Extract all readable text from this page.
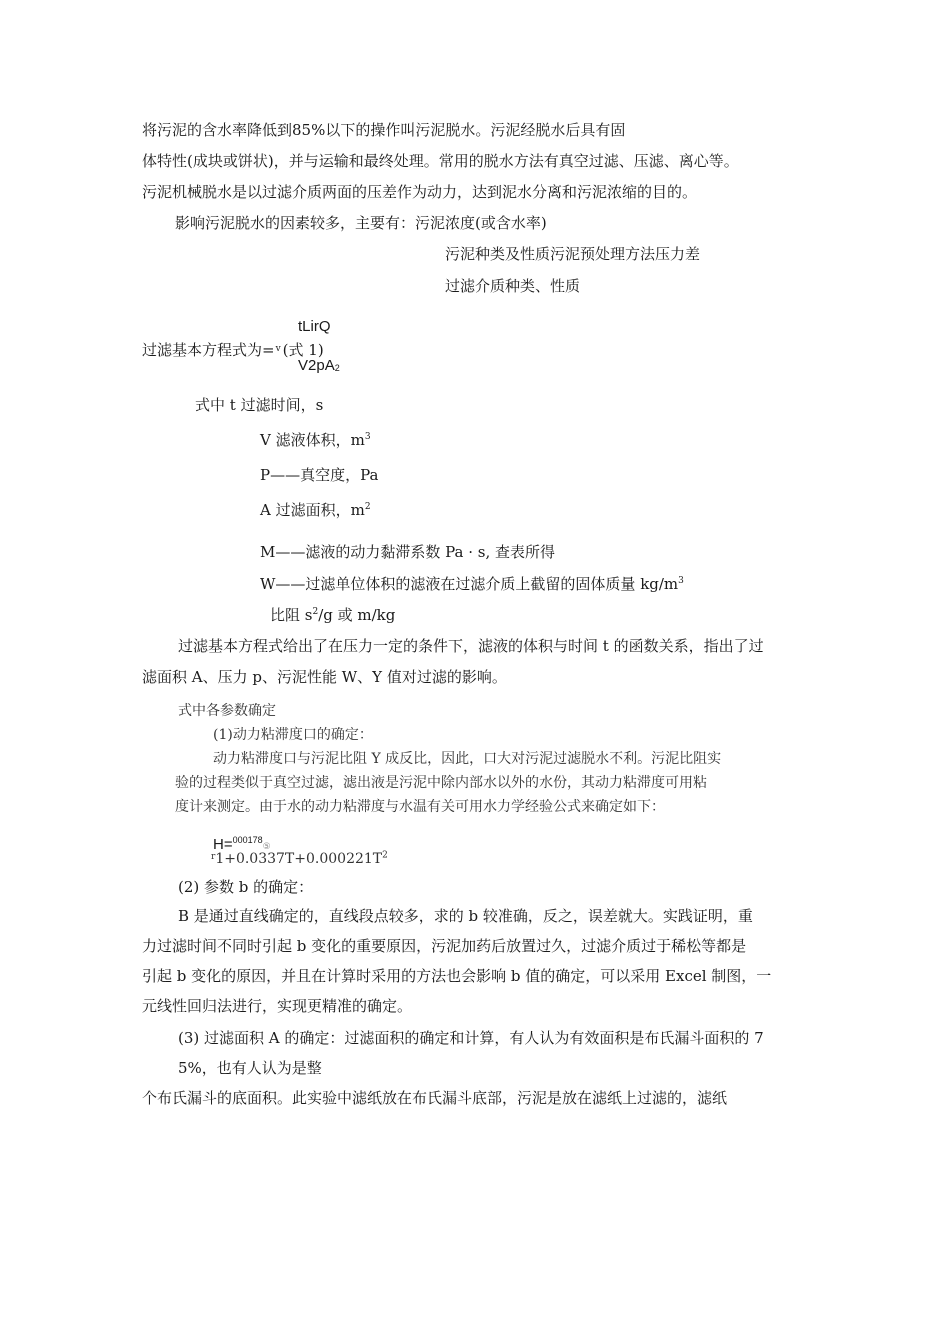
将污泥的含水率降低到85%以下的操作叫污泥脱水。污泥经脱水后具有固
体特性(成块或饼状)，并与运输和最终处理。常用的脱水方法有真空过滤、压滤、离心等。
污泥机械脱水是以过滤介质两面的压差作为动力，达到泥水分离和污泥浓缩的目的。
影响污泥脱水的因素较多，主要有：污泥浓度(或含水率)
污泥种类及性质污泥预处理方法压力差
过滤介质种类、性质
tLirQ
过滤基本方程式为=$^v$ (式 1)
V2pA2
式中 t 过滤时间，s
V 滤液体积，$m^3$
P——真空度，Pa
A 过滤面积，$m^2$
M——滤液的动力黏滞系数 Pa · s, 查表所得
W——过滤单位体积的滤液在过滤介质上截留的固体质量 $kg/m^3$
比阻 $s^2/g$ 或 m/kg
过滤基本方程式给出了在压力一定的条件下，滤液的体积与时间 t 的函数关系，指出了过
滤面积 A、压力 p、污泥性能 W、Y 值对过滤的影响。
式中各参数确定
(1)动力粘滞度口的确定：
动力粘滞度口与污泥比阻 Y 成反比，因此，口大对污泥过滤脱水不利。污泥比阻实
验的过程类似于真空过滤，滤出液是污泥中除内部水以外的水份，其动力粘滞度可用粘
度计来测定。由于水的动力粘滞度与水温有关可用水力学经验公式来确定如下：
H=$^{000178}$⑤
$^r1+0.0337T+0.000221T^2$
(2) 参数 b 的确定：
B 是通过直线确定的，直线段点较多，求的 b 较准确，反之，误差就大。实践证明，重
力过滤时间不同时引起 b 变化的重要原因，污泥加药后放置过久，过滤介质过于稀松等都是
引起 b 变化的原因，并且在计算时采用的方法也会影响 b 值的确定，可以采用 Excel 制图，一
元线性回归法进行，实现更精准的确定。
(3) 过滤面积 A 的确定：过滤面积的确定和计算，有人认为有效面积是布氏漏斗面积的 7
5%，也有人认为是整
个布氏漏斗的底面积。此实验中滤纸放在布氏漏斗底部，污泥是放在滤纸上过滤的，滤纸
